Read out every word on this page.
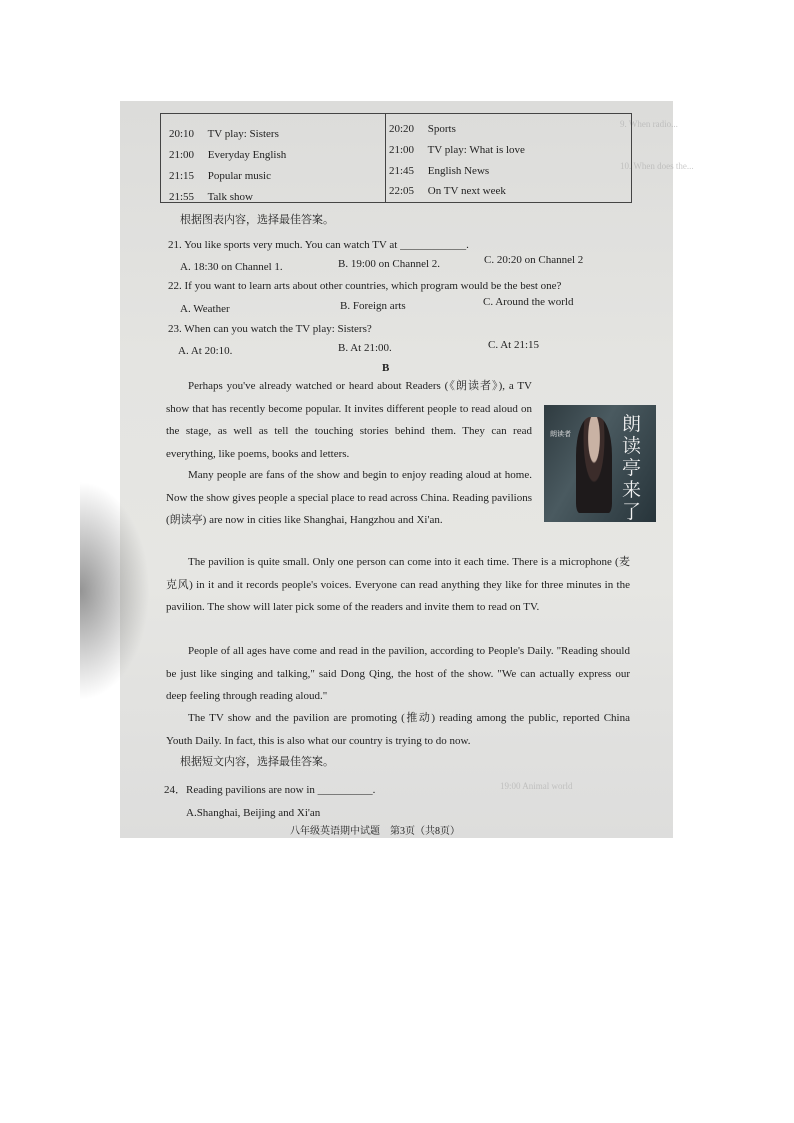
9. When radio...
10. When does the...
19:00 Animal world
20:10 TV play: Sisters
21:00 Everyday English
21:15 Popular music
21:55 Talk show
20:20 Sports
21:00 TV play: What is love
21:45 English News
22:05 On TV next week
根据图表内容，选择最佳答案。
21. You like sports very much. You can watch TV at ____________.
A. 18:30 on Channel 1.	B. 19:00 on Channel 2.	C. 20:20 on Channel 2
22. If you want to learn arts about other countries, which program would be the best one?
A. Weather	B. Foreign arts	C. Around the world
23. When can you watch the TV play: Sisters?
A. At 20:10.	B. At 21:00.	C. At 21:15
B
Perhaps you've already watched or heard about Readers (《朗读者》), a TV show that has recently become popular. It invites different people to read aloud on the stage, as well as tell the touching stories behind them. They can read everything, like poems, books and letters.
Many people are fans of the show and begin to enjoy reading aloud at home. Now the show gives people a special place to read across China. Reading pavilions (朗读亭) are now in cities like Shanghai, Hangzhou and Xi'an.
朗读者	朗读亭来了
The pavilion is quite small. Only one person can come into it each time. There is a microphone (麦克风) in it and it records people's voices. Everyone can read anything they like for three minutes in the pavilion. The show will later pick some of the readers and invite them to read on TV.
People of all ages have come and read in the pavilion, according to People's Daily. "Reading should be just like singing and talking," said Dong Qing, the host of the show. "We can actually express our deep feeling through reading aloud."
The TV show and the pavilion are promoting (推动) reading among the public, reported China Youth Daily. In fact, this is also what our country is trying to do now.
根据短文内容，选择最佳答案。
24．Reading pavilions are now in __________.
A.Shanghai, Beijing and Xi'an
八年级英语期中试题　第3页（共8页）
